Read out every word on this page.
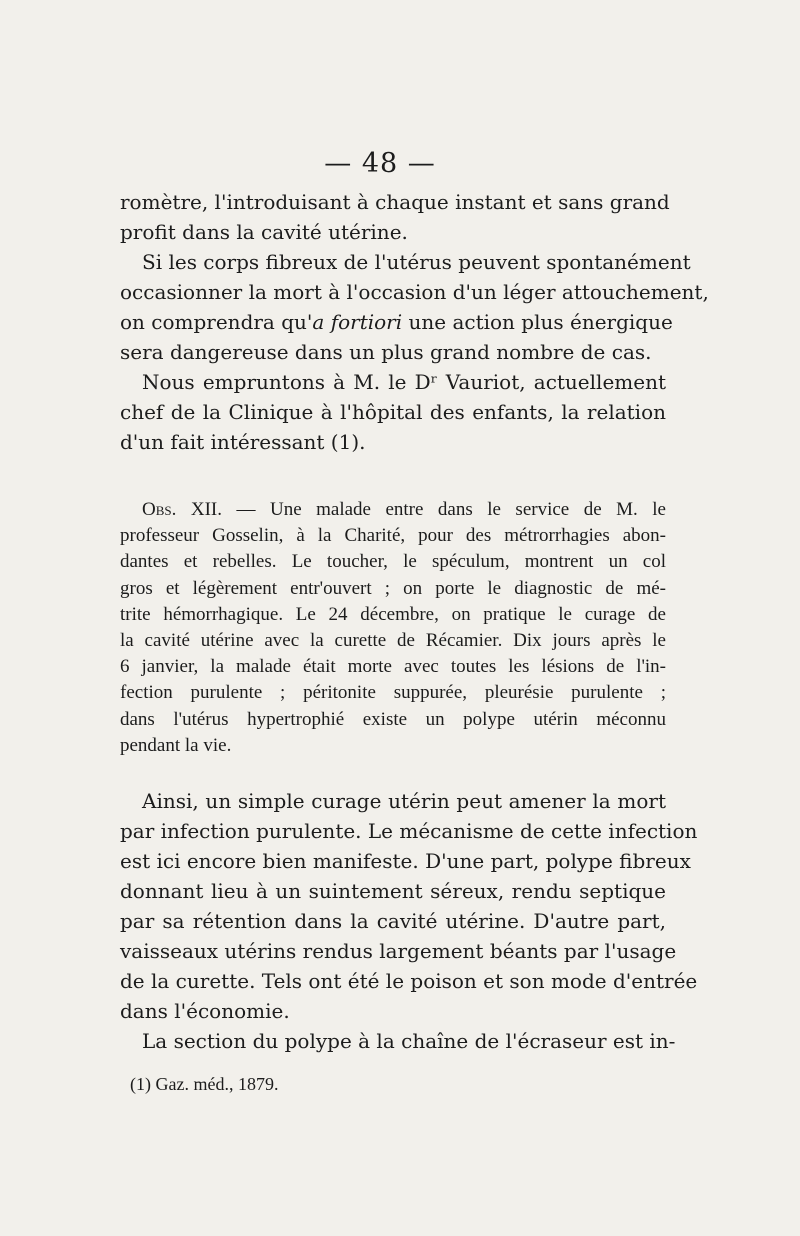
— 48 —
romètre, l'introduisant à chaque instant et sans grand
profit dans la cavité utérine.
Si les corps fibreux de l'utérus peuvent spontanément
occasionner la mort à l'occasion d'un léger attouchement,
on comprendra qu'a fortiori une action plus énergique
sera dangereuse dans un plus grand nombre de cas.
Nous empruntons à M. le Dʳ Vauriot, actuellement
chef de la Clinique à l'hôpital des enfants, la relation
d'un fait intéressant (1).
Obs. XII. — Une malade entre dans le service de M. le
professeur Gosselin, à la Charité, pour des métrorrhagies abon-
dantes et rebelles. Le toucher, le spéculum, montrent un col
gros et légèrement entr'ouvert ; on porte le diagnostic de mé-
trite hémorrhagique. Le 24 décembre, on pratique le curage de
la cavité utérine avec la curette de Récamier. Dix jours après le
6 janvier, la malade était morte avec toutes les lésions de l'in-
fection purulente ; péritonite suppurée, pleurésie purulente ;
dans l'utérus hypertrophié existe un polype utérin méconnu
pendant la vie.
Ainsi, un simple curage utérin peut amener la mort
par infection purulente. Le mécanisme de cette infection
est ici encore bien manifeste. D'une part, polype fibreux
donnant lieu à un suintement séreux, rendu septique
par sa rétention dans la cavité utérine. D'autre part,
vaisseaux utérins rendus largement béants par l'usage
de la curette. Tels ont été le poison et son mode d'entrée
dans l'économie.
La section du polype à la chaîne de l'écraseur est in-
(1) Gaz. méd., 1879.
